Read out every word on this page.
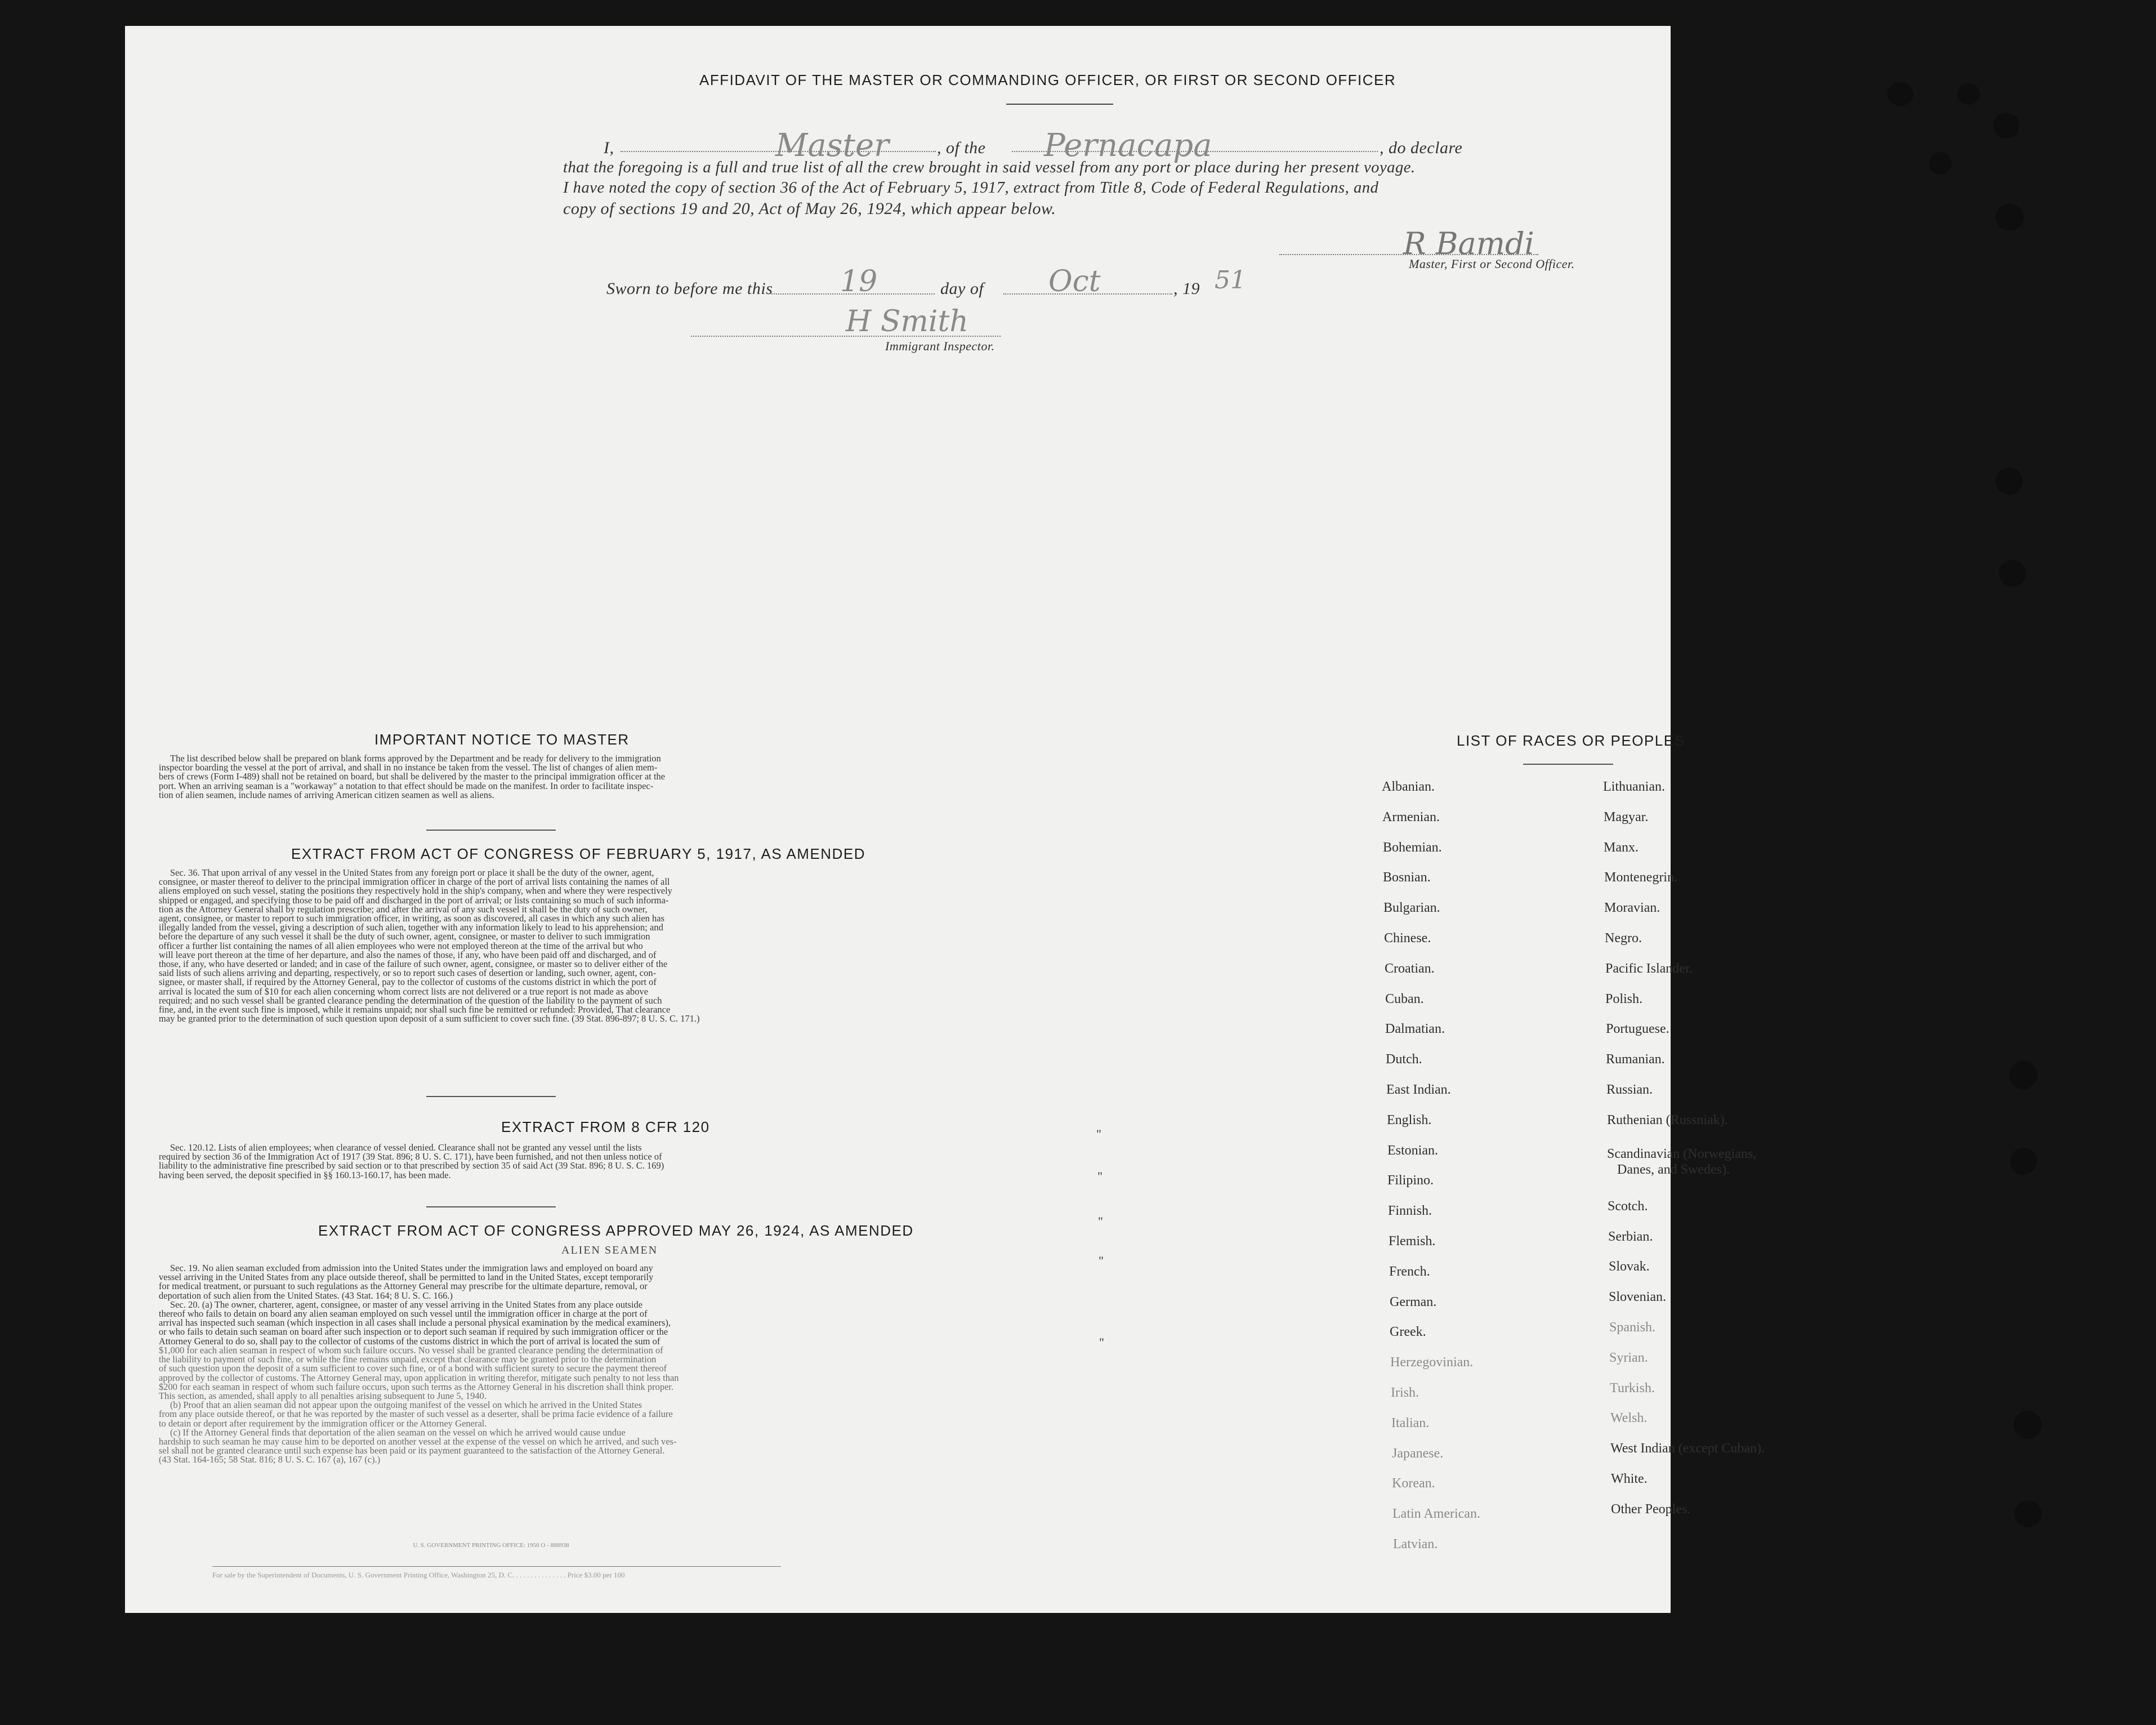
AFFIDAVIT OF THE MASTER OR COMMANDING OFFICER, OR FIRST OR SECOND OFFICER
I,	Master	, of the Pernacapa	, do declare
that the foregoing is a full and true list of all the crew brought in said vessel from any port or place during her present voyage.
I have noted the copy of section 36 of the Act of February 5, 1917, extract from Title 8, Code of Federal Regulations, and
copy of sections 19 and 20, Act of May 26, 1924, which appear below.
R Bamdi
Master, First or Second Officer.
Sworn to before me this 19	day of Oct	, 19 51
H Smith
Immigrant Inspector.
IMPORTANT NOTICE TO MASTER
The list described below shall be prepared on blank forms approved by the Department and be ready for delivery to the immigration
inspector boarding the vessel at the port of arrival, and shall in no instance be taken from the vessel. The list of changes of alien mem-
bers of crews (Form I-489) shall not be retained on board, but shall be delivered by the master to the principal immigration officer at the
port. When an arriving seaman is a "workaway" a notation to that effect should be made on the manifest. In order to facilitate inspec-
tion of alien seamen, include names of arriving American citizen seamen as well as aliens.
EXTRACT FROM ACT OF CONGRESS OF FEBRUARY 5, 1917, AS AMENDED
Sec. 36. That upon arrival of any vessel in the United States from any foreign port or place it shall be the duty of the owner, agent,
consignee, or master thereof to deliver to the principal immigration officer in charge of the port of arrival lists containing the names of all
aliens employed on such vessel, stating the positions they respectively hold in the ship's company, when and where they were respectively
shipped or engaged, and specifying those to be paid off and discharged in the port of arrival; or lists containing so much of such informa-
tion as the Attorney General shall by regulation prescribe; and after the arrival of any such vessel it shall be the duty of such owner,
agent, consignee, or master to report to such immigration officer, in writing, as soon as discovered, all cases in which any such alien has
illegally landed from the vessel, giving a description of such alien, together with any information likely to lead to his apprehension; and
before the departure of any such vessel it shall be the duty of such owner, agent, consignee, or master to deliver to such immigration
officer a further list containing the names of all alien employees who were not employed thereon at the time of the arrival but who
will leave port thereon at the time of her departure, and also the names of those, if any, who have been paid off and discharged, and of
those, if any, who have deserted or landed; and in case of the failure of such owner, agent, consignee, or master so to deliver either of the
said lists of such aliens arriving and departing, respectively, or so to report such cases of desertion or landing, such owner, agent, con-
signee, or master shall, if required by the Attorney General, pay to the collector of customs of the customs district in which the port of
arrival is located the sum of $10 for each alien concerning whom correct lists are not delivered or a true report is not made as above
required; and no such vessel shall be granted clearance pending the determination of the question of the liability to the payment of such
fine, and, in the event such fine is imposed, while it remains unpaid; nor shall such fine be remitted or refunded: Provided, That clearance
may be granted prior to the determination of such question upon deposit of a sum sufficient to cover such fine. (39 Stat. 896-897; 8 U. S. C. 171.)
EXTRACT FROM 8 CFR 120
Sec. 120.12. Lists of alien employees; when clearance of vessel denied. Clearance shall not be granted any vessel until the lists
required by section 36 of the Immigration Act of 1917 (39 Stat. 896; 8 U. S. C. 171), have been furnished, and not then unless notice of
liability to the administrative fine prescribed by said section or to that prescribed by section 35 of said Act (39 Stat. 896; 8 U. S. C. 169)
having been served, the deposit specified in §§ 160.13-160.17, has been made.
EXTRACT FROM ACT OF CONGRESS APPROVED MAY 26, 1924, AS AMENDED
ALIEN SEAMEN
Sec. 19. No alien seaman excluded from admission into the United States under the immigration laws and employed on board any
vessel arriving in the United States from any place outside thereof, shall be permitted to land in the United States, except temporarily
for medical treatment, or pursuant to such regulations as the Attorney General may prescribe for the ultimate departure, removal, or
deportation of such alien from the United States. (43 Stat. 164; 8 U. S. C. 166.)
Sec. 20. (a) The owner, charterer, agent, consignee, or master of any vessel arriving in the United States from any place outside
thereof who fails to detain on board any alien seaman employed on such vessel until the immigration officer in charge at the port of
arrival has inspected such seaman (which inspection in all cases shall include a personal physical examination by the medical examiners),
or who fails to detain such seaman on board after such inspection or to deport such seaman if required by such immigration officer or the
Attorney General to do so, shall pay to the collector of customs of the customs district in which the port of arrival is located the sum of
$1,000 for each alien seaman in respect of whom such failure occurs. No vessel shall be granted clearance pending the determination of
the liability to payment of such fine, or while the fine remains unpaid, except that clearance may be granted prior to the determination
of such question upon the deposit of a sum sufficient to cover such fine, or of a bond with sufficient surety to secure the payment thereof
approved by the collector of customs. The Attorney General may, upon application in writing therefor, mitigate such penalty to not less than
$200 for each seaman in respect of whom such failure occurs, upon such terms as the Attorney General in his discretion shall think proper.
This section, as amended, shall apply to all penalties arising subsequent to June 5, 1940.
(b) Proof that an alien seaman did not appear upon the outgoing manifest of the vessel on which he arrived in the United States
from any place outside thereof, or that he was reported by the master of such vessel as a deserter, shall be prima facie evidence of a failure
to detain or deport after requirement by the immigration officer or the Attorney General.
(c) If the Attorney General finds that deportation of the alien seaman on the vessel on which he arrived would cause undue
hardship to such seaman he may cause him to be deported on another vessel at the expense of the vessel on which he arrived, and such ves-
sel shall not be granted clearance until such expense has been paid or its payment guaranteed to the satisfaction of the Attorney General.
(43 Stat. 164-165; 58 Stat. 816; 8 U. S. C. 167 (a), 167 (c).)
U. S. GOVERNMENT PRINTING OFFICE: 1950 O - 888938
For sale by the Superintendent of Documents, U. S. Government Printing Office, Washington 25, D. C. . . . . . . . . . . . . . . Price $3.00 per 100
"
"
"
"
"
LIST OF RACES OR PEOPLES
Albanian.
Armenian.
Bohemian.
Bosnian.
Bulgarian.
Chinese.
Croatian.
Cuban.
Dalmatian.
Dutch.
East Indian.
English.
Estonian.
Filipino.
Finnish.
Flemish.
French.
German.
Greek.
Herzegovinian.
Irish.
Italian.
Japanese.
Korean.
Latin American.
Latvian.
Lithuanian.
Magyar.
Manx.
Montenegrin.
Moravian.
Negro.
Pacific Islander.
Polish.
Portuguese.
Rumanian.
Russian.
Ruthenian (Russniak).
Scandinavian (Norwegians,
Danes, and Swedes).
Scotch.
Serbian.
Slovak.
Slovenian.
Spanish.
Syrian.
Turkish.
Welsh.
West Indian (except Cuban).
White.
Other Peoples.
